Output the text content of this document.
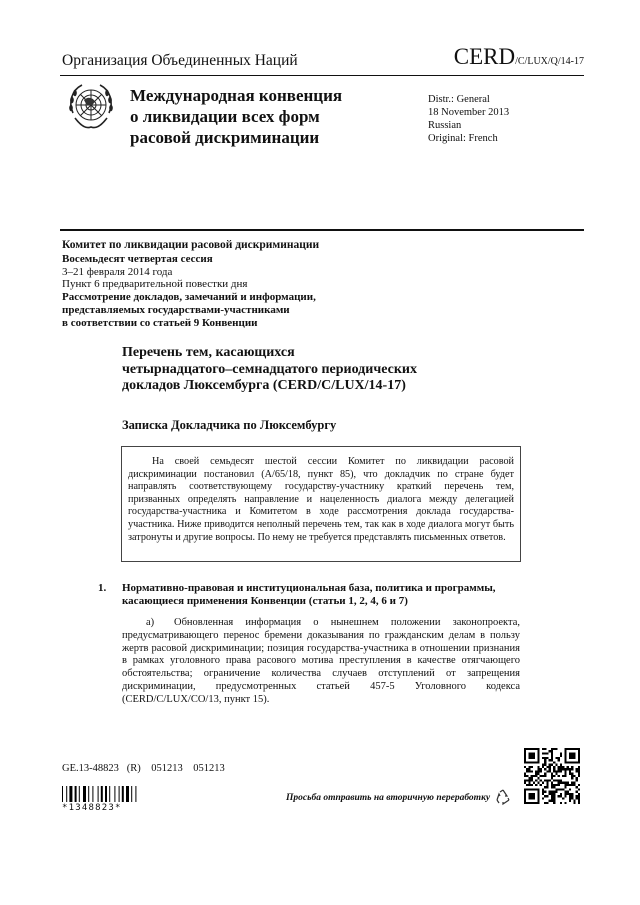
Организация Объединенных Наций	CERD/C/LUX/Q/14-17
Международная конвенция
о ликвидации всех форм
расовой дискриминации
Distr.: General
18 November 2013
Russian
Original: French
Комитет по ликвидации расовой дискриминации
Восемьдесят четвертая сессия
3–21 февраля 2014 года
Пункт 6 предварительной повестки дня
Рассмотрение докладов, замечаний и информации,
представляемых государствами-участниками
в соответствии со статьей 9 Конвенции
Перечень тем, касающихся
четырнадцатого–семнадцатого периодических
докладов Люксембурга (CERD/C/LUX/14-17)
Записка Докладчика по Люксембургу

На своей семьдесят шестой сессии Комитет по ликвидации расовой дискриминации постановил (A/65/18, пункт 85), что докладчик по стране будет направлять соответствующему государству-участнику краткий перечень тем, призванных определять направление и нацеленность диалога между делегацией государства-участника и Комитетом в ходе рассмотрения доклада государства-участника. Ниже приводится неполный перечень тем, так как в ходе диалога могут быть затронуты и другие вопросы. По нему не требуется представлять письменных ответов.

1. Нормативно-правовая и институциональная база, политика и программы,
касающиеся применения Конвенции (статьи 1, 2, 4, 6 и 7)
a) Обновленная информация о нынешнем положении законопроекта, предусматривающего перенос бремени доказывания по гражданским делам в пользу жертв расовой дискриминации; позиция государства-участника в отношении признания в рамках уголовного права расового мотива преступления в качестве отягчающего обстоятельства; ограничение количества случаев отступлений от запрещения дискриминации, предусмотренных статьей 457-5 Уголовного кодекса (CERD/C/LUX/CO/13, пункт 15).
GE.13-48823   (R)    051213    051213
*1348823*
Просьба отправить на вторичную переработку
